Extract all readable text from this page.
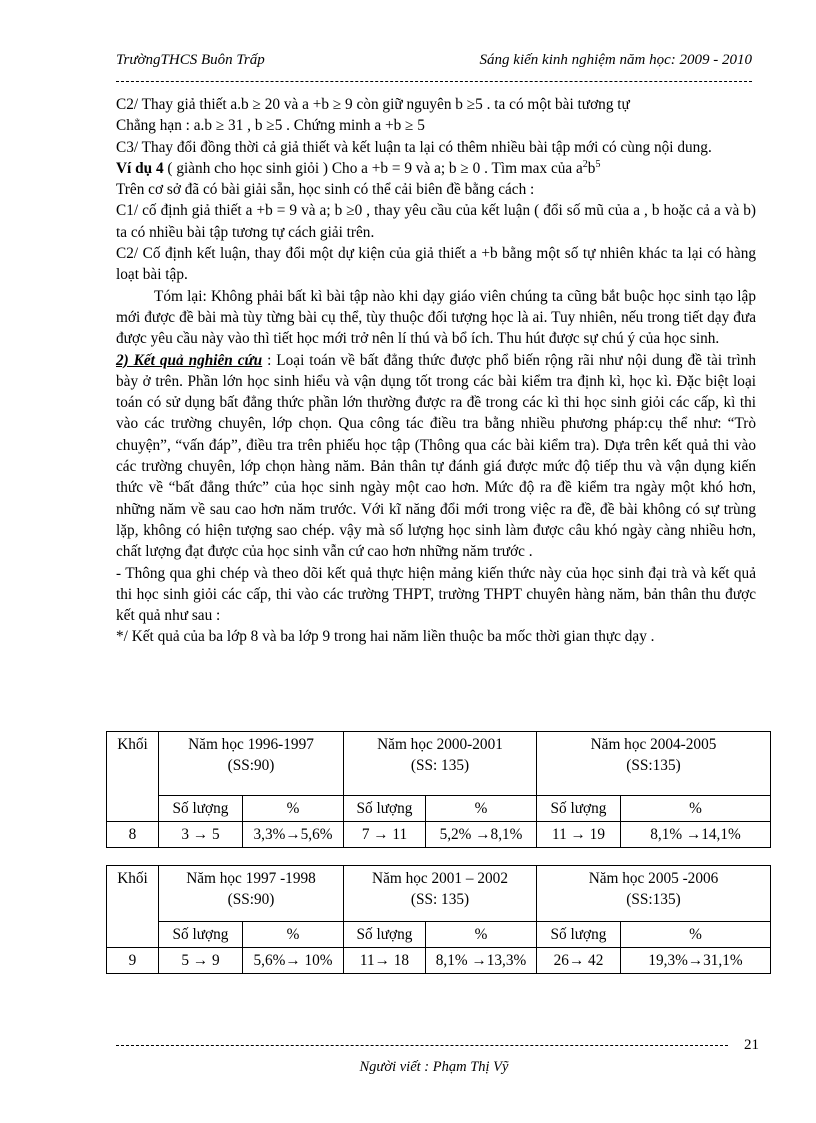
TrườngTHCS Buôn Trấp	Sáng kiến kinh nghiệm năm học: 2009 - 2010

C2/ Thay giả thiết a.b ≥ 20 và a +b ≥ 9 còn giữ nguyên b ≥5 . ta có một bài tương tự

Chẳng hạn : a.b ≥ 31 , b ≥5 . Chứng minh a +b ≥ 5

C3/ Thay đổi đồng thời cả giả thiết và kết luận ta lại có thêm nhiều bài tập mới có cùng nội dung.

Ví dụ 4 ( giành cho học sinh giỏi ) Cho a +b = 9 và a; b ≥ 0 . Tìm max của $a^2b^5$

Trên cơ sở đã có bài giải sẵn, học sinh có thể cải biên đề bằng cách :

C1/ cố định giả thiết a +b = 9 và a; b ≥0 , thay yêu cầu của kết luận ( đổi số mũ của a , b hoặc cả a và b) ta có nhiều bài tập tương tự cách giải trên.

C2/ Cố định kết luận, thay đổi một dự kiện của giả thiết a +b bằng một số tự nhiên khác ta lại có hàng loạt bài tập.

Tóm lại: Không phải bất kì bài tập nào khi dạy giáo viên chúng ta cũng bắt buộc học sinh tạo lập mới được đề bài mà tùy từng bài cụ thể, tùy thuộc đối tượng học là ai. Tuy nhiên, nếu trong tiết dạy đưa được yêu cầu này vào thì tiết học mới trở nên lí thú và bổ ích. Thu hút được sự chú ý của học sinh.

2) Kết quả nghiên cứu : Loại toán về bất đẳng thức được phổ biến rộng rãi như nội dung đề tài trình bày ở trên. Phần lớn học sinh hiểu và vận dụng tốt trong các bài kiểm tra định kì, học kì. Đặc biệt loại toán có sử dụng bất đẳng thức phần lớn thường được ra đề trong các kì thi học sinh giỏi các cấp, kì thi vào các trường chuyên, lớp chọn. Qua công tác điều tra bằng nhiều phương pháp:cụ thể như: “Trò chuyện”, “vấn đáp”, điều tra trên phiếu học tập (Thông qua các bài kiểm tra). Dựa trên kết quả thi vào các trường chuyên, lớp chọn hàng năm. Bản thân tự đánh giá được mức độ tiếp thu và vận dụng kiến thức về “bất đẳng thức” của học sinh ngày một cao hơn. Mức độ ra đề kiểm tra ngày một khó hơn, những năm về sau cao hơn năm trước. Với kĩ năng đổi mới trong việc ra đề, đề bài không có sự trùng lặp, không có hiện tượng sao chép. vậy mà số lượng học sinh làm được câu khó ngày càng nhiều hơn, chất lượng đạt được của học sinh vẫn cứ cao hơn những năm trước .

- Thông qua ghi chép và theo dõi kết quả thực hiện mảng kiến thức này của học sinh đại trà và kết quả thi học sinh giỏi các cấp, thi vào các trường THPT, trường THPT chuyên hàng năm, bản thân thu được kết quả như sau :

*/ Kết quả của ba lớp 8 và ba lớp 9 trong hai năm liền thuộc ba mốc thời gian thực dạy .

Khối	Năm học 1996-1997
(SS:90)		Năm học 2000-2001
(SS: 135)		Năm học 2004-2005
(SS:135)	
	Số lượng	%	Số lượng	%	Số lượng	%
8	3 → 5	3,3%→5,6%	7 → 11	5,2% →8,1%	11 → 19	8,1% →14,1%
Khối	Năm học 1997 -1998
(SS:90)		Năm học 2001 – 2002
(SS: 135)		Năm học 2005 -2006
(SS:135)	
	Số lượng	%	Số lượng	%	Số lượng	%
9	5 → 9	5,6%→ 10%	11→ 18	8,1% →13,3%	26→ 42	19,3%→31,1%
21
Người viết : Phạm Thị Vỹ
